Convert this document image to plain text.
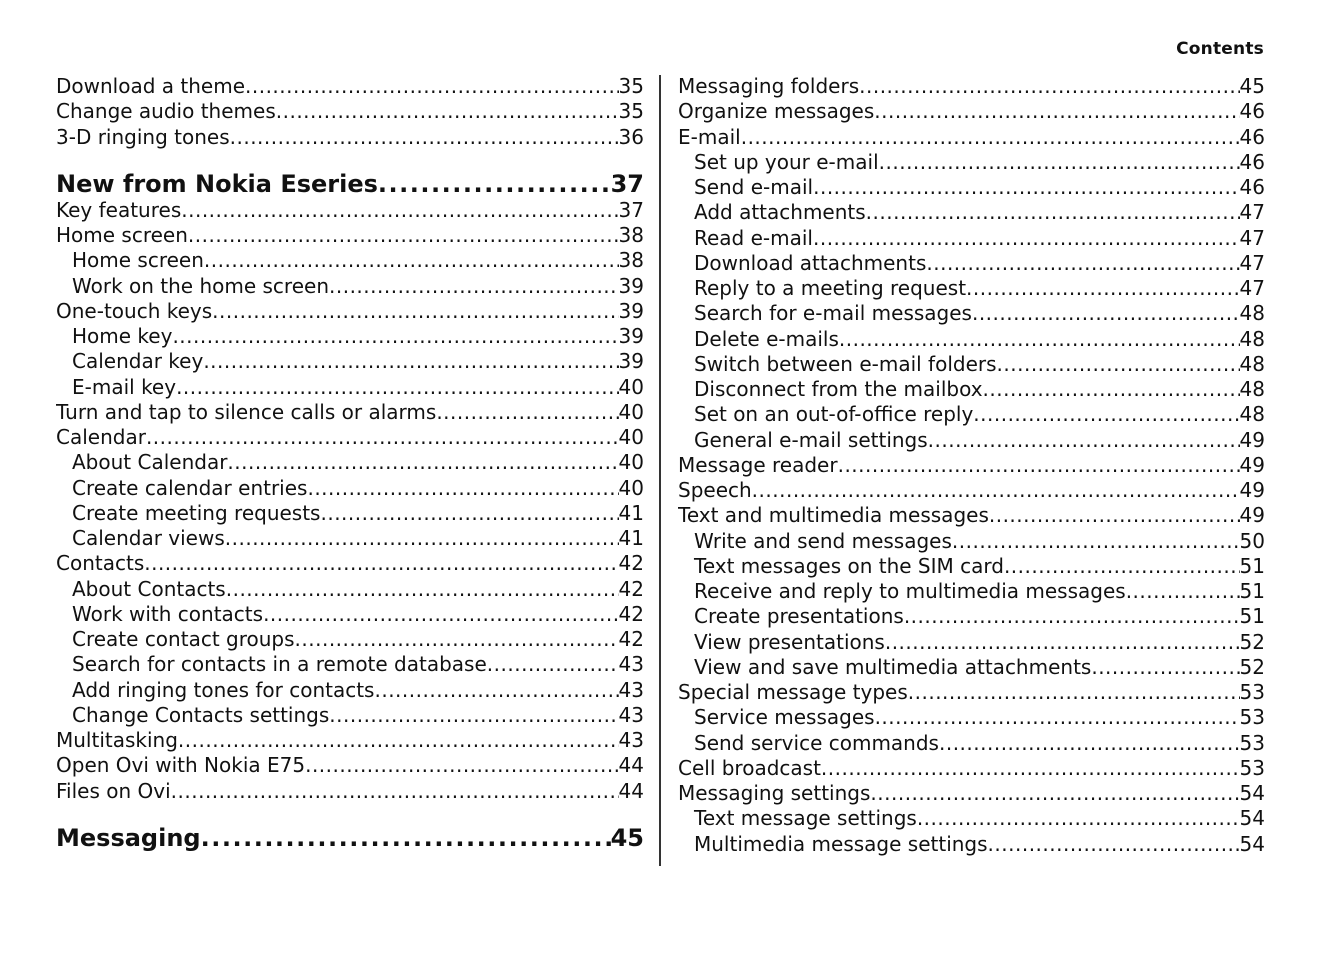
Contents
Download a theme .....	35
Change audio themes .....	35
3-D ringing tones .....	36
New from Nokia Eseries .....	37
Key features .....	37
Home screen .....	38
Home screen .....	38
Work on the home screen .....	39
One-touch keys .....	39
Home key .....	39
Calendar key .....	39
E-mail key .....	40
Turn and tap to silence calls or alarms .....	40
Calendar .....	40
About Calendar .....	40
Create calendar entries .....	40
Create meeting requests .....	41
Calendar views .....	41
Contacts .....	42
About Contacts .....	42
Work with contacts .....	42
Create contact groups .....	42
Search for contacts in a remote database .....	43
Add ringing tones for contacts .....	43
Change Contacts settings .....	43
Multitasking .....	43
Open Ovi with Nokia E75 .....	44
Files on Ovi .....	44
Messaging .....	45
Messaging folders .....	45
Organize messages .....	46
E-mail .....	46
Set up your e-mail .....	46
Send e-mail .....	46
Add attachments .....	47
Read e-mail .....	47
Download attachments .....	47
Reply to a meeting request .....	47
Search for e-mail messages .....	48
Delete e-mails .....	48
Switch between e-mail folders .....	48
Disconnect from the mailbox .....	48
Set on an out-of-office reply .....	48
General e-mail settings .....	49
Message reader .....	49
Speech .....	49
Text and multimedia messages .....	49
Write and send messages .....	50
Text messages on the SIM card .....	51
Receive and reply to multimedia messages .....	51
Create presentations .....	51
View presentations .....	52
View and save multimedia attachments .....	52
Special message types .....	53
Service messages .....	53
Send service commands .....	53
Cell broadcast .....	53
Messaging settings .....	54
Text message settings .....	54
Multimedia message settings .....	54
